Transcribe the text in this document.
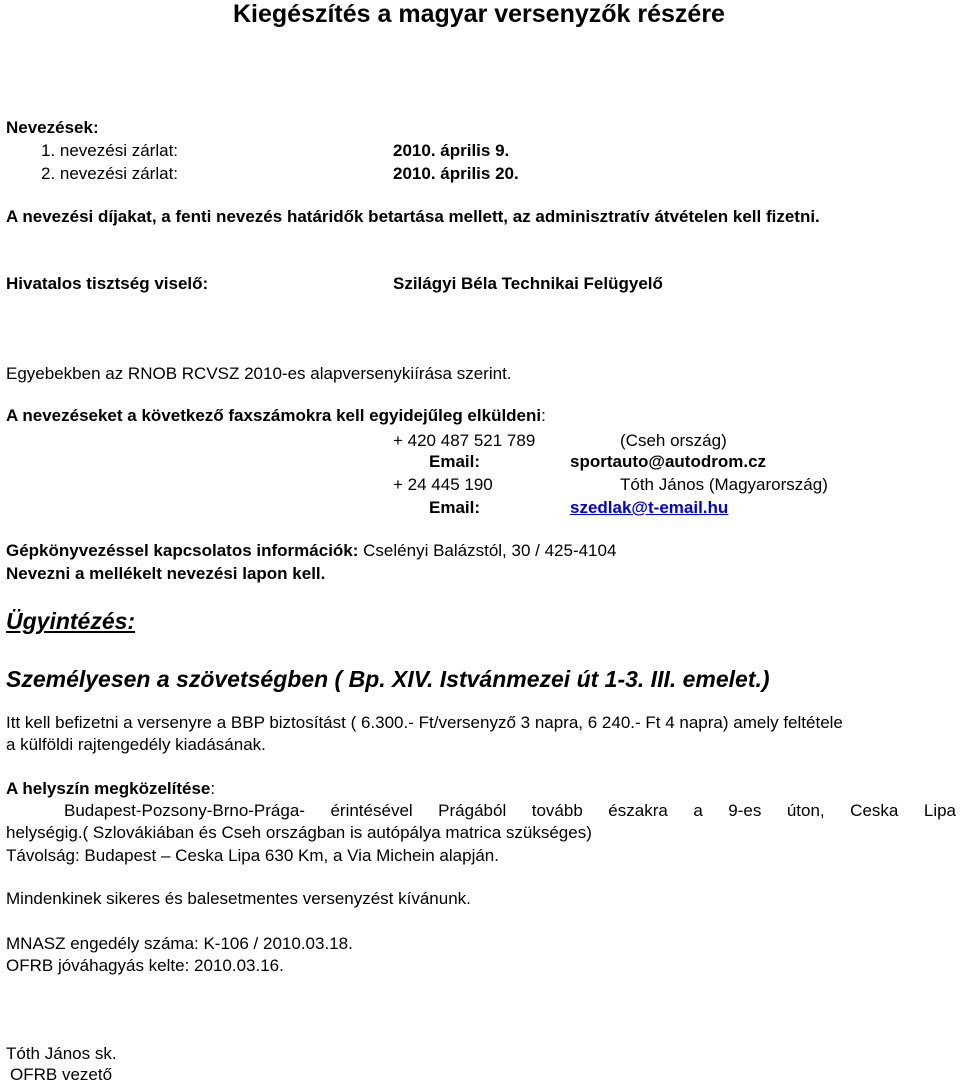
Kiegészítés a magyar versenyzők részére
Nevezések:
1. nevezési zárlat:	2010. április 9.
2. nevezési zárlat:	2010. április 20.
A nevezési díjakat, a fenti nevezés határidők betartása mellett, az adminisztratív átvételen kell fizetni.
Hivatalos tisztség viselő:	Szilágyi Béla Technikai Felügyelő
Egyebekben az RNOB RCVSZ 2010-es alapversenykiírása szerint.
A nevezéseket a következő faxszámokra kell egyidejűleg elküldeni:
+ 420 487 521 789	(Cseh ország)
Email:	sportauto@autodrom.cz
+ 24 445 190	Tóth János (Magyarország)
Email:	szedlak@t-email.hu
Gépkönyvezéssel kapcsolatos információk: Cselényi Balázstól, 30 / 425-4104
Nevezni a mellékelt nevezési lapon kell.
Ügyintézés:
Személyesen a szövetségben ( Bp. XIV. Istvánmezei út 1-3. III. emelet.)
Itt kell befizetni a versenyre a BBP biztosítást ( 6.300.- Ft/versenyző 3 napra, 6 240.- Ft 4 napra) amely feltétele
a külföldi rajtengedély kiadásának.
A helyszín megközelítése:
Budapest-Pozsony-Brno-Prága- érintésével Prágából tovább északra a 9-es úton, Ceska Lipa
helységig.( Szlovákiában és Cseh országban is autópálya matrica szükséges)
Távolság: Budapest – Ceska Lipa 630 Km, a Via Michein alapján.
Mindenkinek sikeres és balesetmentes versenyzést kívánunk.
MNASZ engedély száma: K-106 / 2010.03.18.
OFRB jóváhagyás kelte: 2010.03.16.
Tóth János sk.
OFRB vezető
